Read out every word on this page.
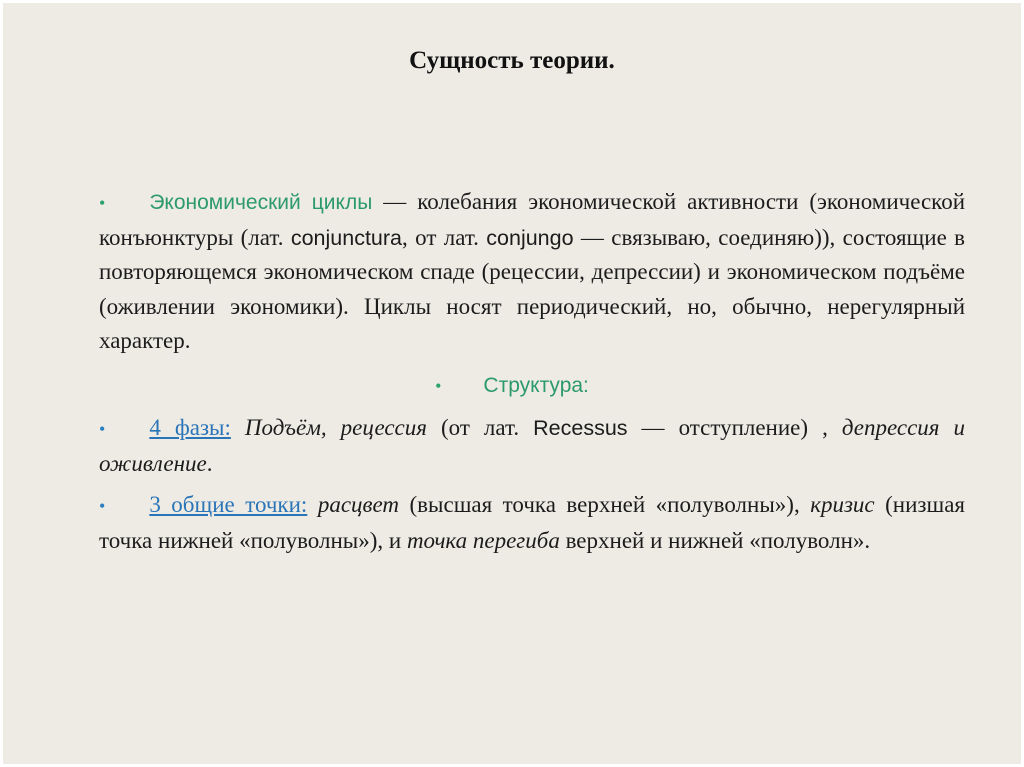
Сущность теории.

• Экономический циклы — колебания экономической активности (экономической конъюнктуры (лат. conjunctura, от лат. conjungo — связываю, соединяю)), состоящие в повторяющемся экономическом спаде (рецессии, депрессии) и экономическом подъёме (оживлении экономики). Циклы носят периодический, но, обычно, нерегулярный характер.

• Структура:

• 4 фазы: Подъём, рецессия (от лат. Recessus — отступление) , депрессия и оживление.

• 3 общие точки: расцвет (высшая точка верхней «полуволны»), кризис (низшая точка нижней «полуволны»), и точка перегиба верхней и нижней «полуволн».
